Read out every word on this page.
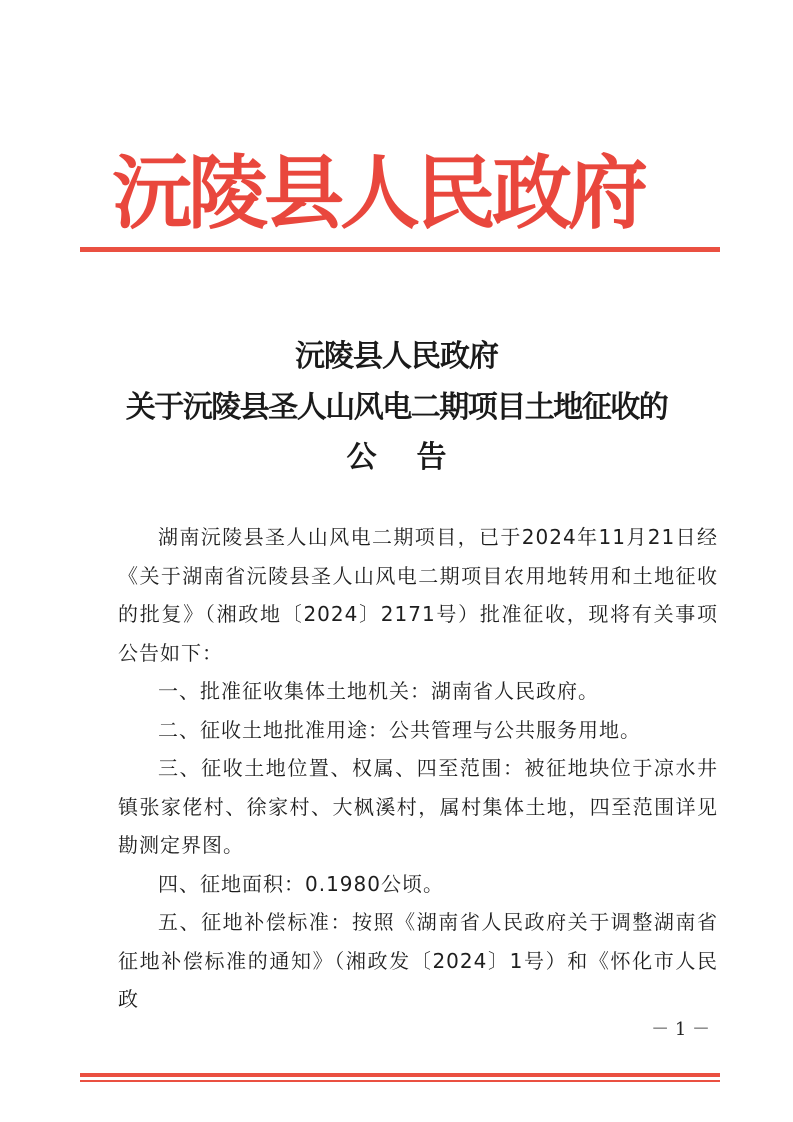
沅陵县人民政府
沅陵县人民政府
关于沅陵县圣人山风电二期项目土地征收的
公告

湖南沅陵县圣人山风电二期项目，已于2024年11月21日经《关于湖南省沅陵县圣人山风电二期项目农用地转用和土地征收的批复》（湘政地〔2024〕2171号）批准征收，现将有关事项公告如下：

一、批准征收集体土地机关：湖南省人民政府。

二、征收土地批准用途：公共管理与公共服务用地。

三、征收土地位置、权属、四至范围：被征地块位于凉水井镇张家佬村、徐家村、大枫溪村，属村集体土地，四至范围详见勘测定界图。

四、征地面积：0.1980公顷。

五、征地补偿标准：按照《湖南省人民政府关于调整湖南省征地补偿标准的通知》（湘政发〔2024〕1号）和《怀化市人民政

－ 1 －
